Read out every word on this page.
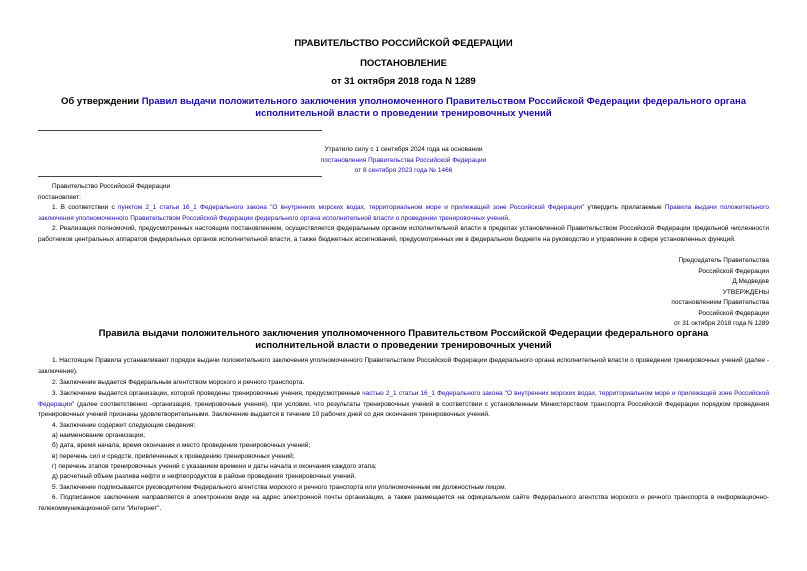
ПРАВИТЕЛЬСТВО РОССИЙСКОЙ ФЕДЕРАЦИИ
ПОСТАНОВЛЕНИЕ
от 31 октября 2018 года N 1289
Об утверждении Правил выдачи положительного заключения уполномоченного Правительством Российской Федерации федерального органа исполнительной власти о проведении тренировочных учений
Утратило силу с 1 сентября 2024 года на основании
постановления Правительства Российской Федерации
от 8 сентября 2023 года № 1466
Правительство Российской Федерации
постановляет:
1. В соответствии с пунктом 2_1 статьи 16_1 Федерального закона "О внутренних морских водах, территориальном море и прилежащей зоне Российской Федерации" утвердить прилагаемые Правила выдачи положительного заключения уполномоченного Правительством Российской Федерации федерального органа исполнительной власти о проведении тренировочных учений.
2. Реализация полномочий, предусмотренных настоящим постановлением, осуществляется федеральным органом исполнительной власти в пределах установленной Правительством Российской Федерации предельной численности работников центральных аппаратов федеральных органов исполнительной власти, а также бюджетных ассигнований, предусмотренных им в федеральном бюджете на руководство и управление в сфере установленных функций.
Председатель Правительства
Российской Федерации
Д.Медведев
УТВЕРЖДЕНЫ
постановлением Правительства
Российской Федерации
от 31 октября 2018 года N 1289
Правила выдачи положительного заключения уполномоченного Правительством Российской Федерации федерального органа исполнительной власти о проведении тренировочных учений
1. Настоящие Правила устанавливают порядок выдачи положительного заключения уполномоченного Правительством Российской Федерации федерального органа исполнительной власти о проведении тренировочных учений (далее - заключение).
2. Заключение выдается Федеральным агентством морского и речного транспорта.
3. Заключение выдается организации, которой проведены тренировочные учения, предусмотренные частью 2_1 статьи 16_1 Федерального закона "О внутренних морских водах, территориальном море и прилежащей зоне Российской Федерации" (далее соответственно -организация, тренировочные учения), при условии, что результаты тренировочных учений в соответствии с установленным Министерством транспорта Российской Федерации порядком проведения тренировочных учений признаны удовлетворительными. Заключение выдается в течение 10 рабочих дней со дня окончания тренировочных учений.
4. Заключение содержит следующие сведения:
а) наименование организации;
б) дата, время начала, время окончания и место проведения тренировочных учений;
в) перечень сил и средств, привлеченных к проведению тренировочных учений;
г) перечень этапов тренировочных учений с указанием времени и даты начала и окончания каждого этапа;
д) расчетный объем разлива нефти и нефтепродуктов в районе проведения тренировочных учений.
5. Заключение подписывается руководителем Федерального агентства морского и речного транспорта или уполномоченным им должностным лицом.
6. Подписанное заключение направляется в электронном виде на адрес электронной почты организации, а также размещается на официальном сайте Федерального агентства морского и речного транспорта в информационно-телекоммуникационной сети "Интернет".
